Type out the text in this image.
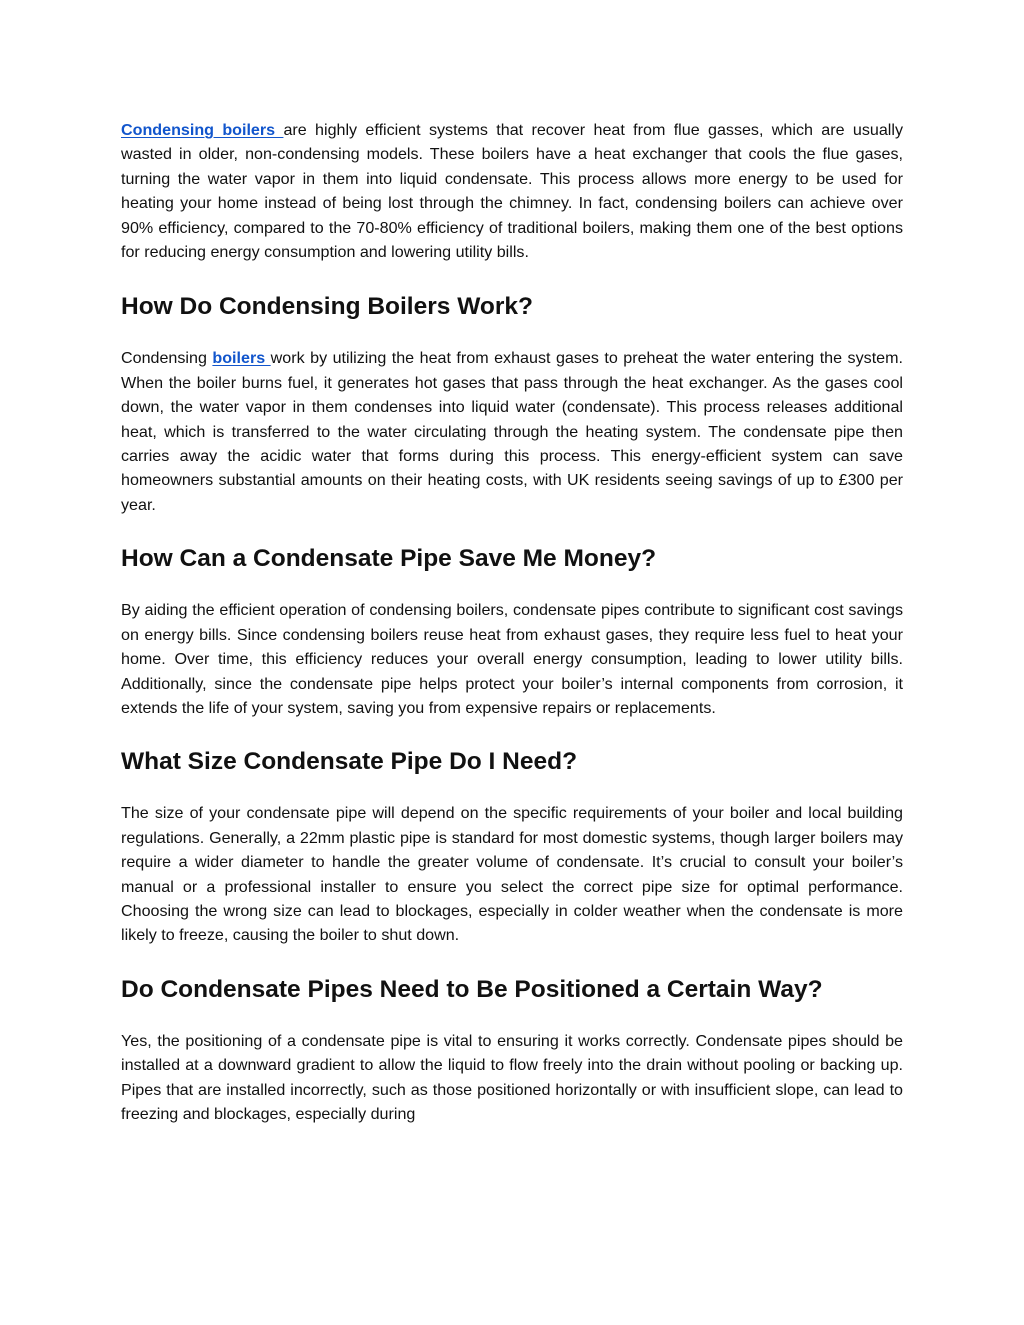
Condensing boilers are highly efficient systems that recover heat from flue gasses, which are usually wasted in older, non-condensing models. These boilers have a heat exchanger that cools the flue gases, turning the water vapor in them into liquid condensate. This process allows more energy to be used for heating your home instead of being lost through the chimney. In fact, condensing boilers can achieve over 90% efficiency, compared to the 70-80% efficiency of traditional boilers, making them one of the best options for reducing energy consumption and lowering utility bills.

How Do Condensing Boilers Work?

Condensing boilers work by utilizing the heat from exhaust gases to preheat the water entering the system. When the boiler burns fuel, it generates hot gases that pass through the heat exchanger. As the gases cool down, the water vapor in them condenses into liquid water (condensate). This process releases additional heat, which is transferred to the water circulating through the heating system. The condensate pipe then carries away the acidic water that forms during this process. This energy-efficient system can save homeowners substantial amounts on their heating costs, with UK residents seeing savings of up to £300 per year.

How Can a Condensate Pipe Save Me Money?

By aiding the efficient operation of condensing boilers, condensate pipes contribute to significant cost savings on energy bills. Since condensing boilers reuse heat from exhaust gases, they require less fuel to heat your home. Over time, this efficiency reduces your overall energy consumption, leading to lower utility bills. Additionally, since the condensate pipe helps protect your boiler’s internal components from corrosion, it extends the life of your system, saving you from expensive repairs or replacements.

What Size Condensate Pipe Do I Need?

The size of your condensate pipe will depend on the specific requirements of your boiler and local building regulations. Generally, a 22mm plastic pipe is standard for most domestic systems, though larger boilers may require a wider diameter to handle the greater volume of condensate. It’s crucial to consult your boiler’s manual or a professional installer to ensure you select the correct pipe size for optimal performance. Choosing the wrong size can lead to blockages, especially in colder weather when the condensate is more likely to freeze, causing the boiler to shut down.

Do Condensate Pipes Need to Be Positioned a Certain Way?

Yes, the positioning of a condensate pipe is vital to ensuring it works correctly. Condensate pipes should be installed at a downward gradient to allow the liquid to flow freely into the drain without pooling or backing up. Pipes that are installed incorrectly, such as those positioned horizontally or with insufficient slope, can lead to freezing and blockages, especially during
